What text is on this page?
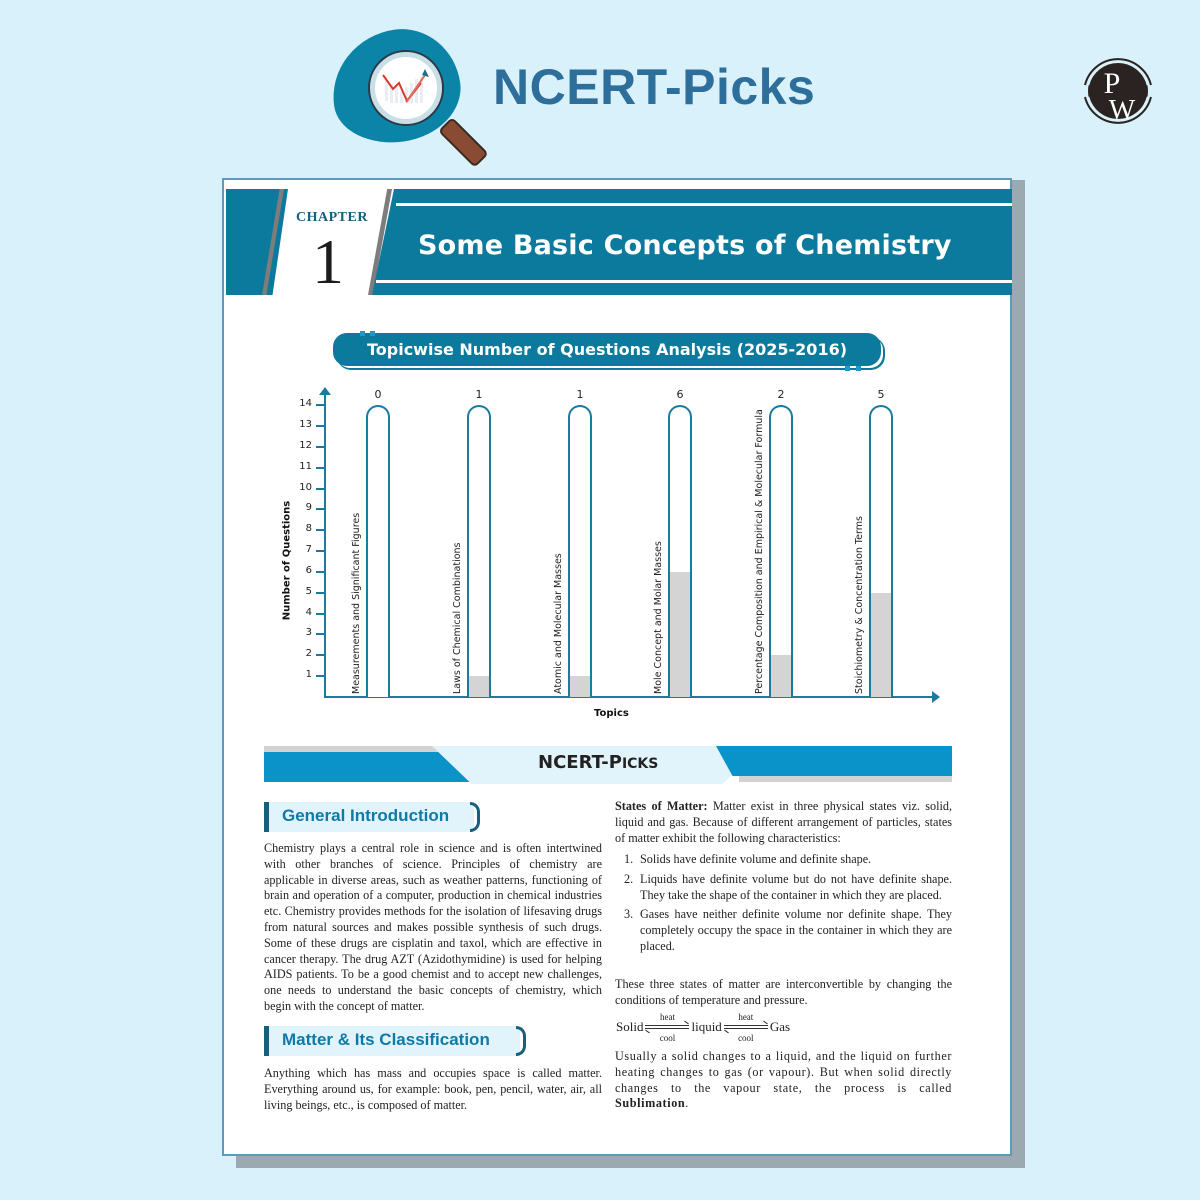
NCERT-Picks	P
W
CHAPTER
1	Some Basic Concepts of Chemistry
Topicwise Number of Questions Analysis (2025-2016)
Number of Questions
Topics
1
2
3
4
5
6
7
8
9
10
11
12
13
14
0
Measurements and Significant Figures
1
Laws of Chemical Combinations
1
Atomic and Molecular Masses
6
Mole Concept and Molar Masses
2
Percentage Composition and Empirical & Molecular Formula
5
Stoichiometry & Concentration Terms
NCERT-PICKS
General Introduction
Chemistry plays a central role in science and is often intertwined with other branches of science. Principles of chemistry are applicable in diverse areas, such as weather patterns, functioning of brain and operation of a computer, production in chemical industries etc. Chemistry provides methods for the isolation of lifesaving drugs from natural sources and makes possible synthesis of such drugs. Some of these drugs are cisplatin and taxol, which are effective in cancer therapy. The drug AZT (Azidothymidine) is used for helping AIDS patients. To be a good chemist and to accept new challenges, one needs to understand the basic concepts of chemistry, which begin with the concept of matter.
Matter & Its Classification
Anything which has mass and occupies space is called matter. Everything around us, for example: book, pen, pencil, water, air, all living beings, etc., is composed of matter.
States of Matter: Matter exist in three physical states viz. solid, liquid and gas. Because of different arrangement of particles, states of matter exhibit the following characteristics:
1. Solids have definite volume and definite shape.
2. Liquids have definite volume but do not have definite shape. They take the shape of the container in which they are placed.
3. Gases have neither definite volume nor definite shape. They completely occupy the space in the container in which they are placed.
These three states of matter are interconvertible by changing the conditions of temperature and pressure.
Solid
heat
cool
liquid
heat
cool
Gas
Usually a solid changes to a liquid, and the liquid on further heating changes to gas (or vapour). But when solid directly changes to the vapour state, the process is called Sublimation.
